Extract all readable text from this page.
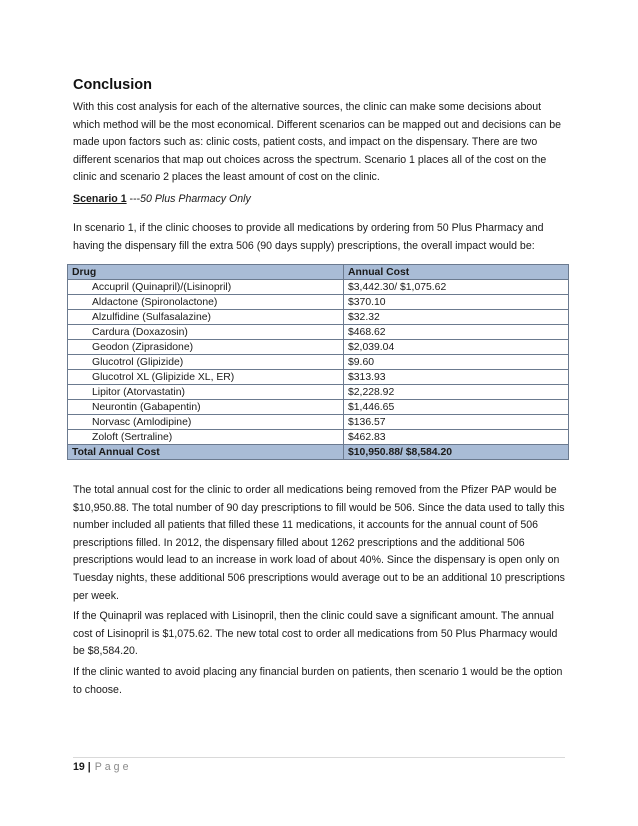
Conclusion

With this cost analysis for each of the alternative sources, the clinic can make some decisions about which method will be the most economical. Different scenarios can be mapped out and decisions can be made upon factors such as: clinic costs, patient costs, and impact on the dispensary. There are two different scenarios that map out choices across the spectrum. Scenario 1 places all of the cost on the clinic and scenario 2 places the least amount of cost on the clinic.

Scenario 1 ---50 Plus Pharmacy Only

In scenario 1, if the clinic chooses to provide all medications by ordering from 50 Plus Pharmacy and having the dispensary fill the extra 506 (90 days supply) prescriptions, the overall impact would be:

Drug	Annual Cost
Accupril (Quinapril)/(Lisinopril)	$3,442.30/ $1,075.62
Aldactone (Spironolactone)	$370.10
Alzulfidine (Sulfasalazine)	$32.32
Cardura (Doxazosin)	$468.62
Geodon (Ziprasidone)	$2,039.04
Glucotrol (Glipizide)	$9.60
Glucotrol XL (Glipizide XL, ER)	$313.93
Lipitor (Atorvastatin)	$2,228.92
Neurontin (Gabapentin)	$1,446.65
Norvasc (Amlodipine)	$136.57
Zoloft (Sertraline)	$462.83
Total Annual Cost	$10,950.88/ $8,584.20

The total annual cost for the clinic to order all medications being removed from the Pfizer PAP would be $10,950.88. The total number of 90 day prescriptions to fill would be 506. Since the data used to tally this number included all patients that filled these 11 medications, it accounts for the annual count of 506 prescriptions filled. In 2012, the dispensary filled about 1262 prescriptions and the additional 506 prescriptions would lead to an increase in work load of about 40%. Since the dispensary is open only on Tuesday nights, these additional 506 prescriptions would average out to be an additional 10 prescriptions per week.

If the Quinapril was replaced with Lisinopril, then the clinic could save a significant amount. The annual cost of Lisinopril is $1,075.62. The new total cost to order all medications from 50 Plus Pharmacy would be $8,584.20.

If the clinic wanted to avoid placing any financial burden on patients, then scenario 1 would be the option to choose.

19 | Page
